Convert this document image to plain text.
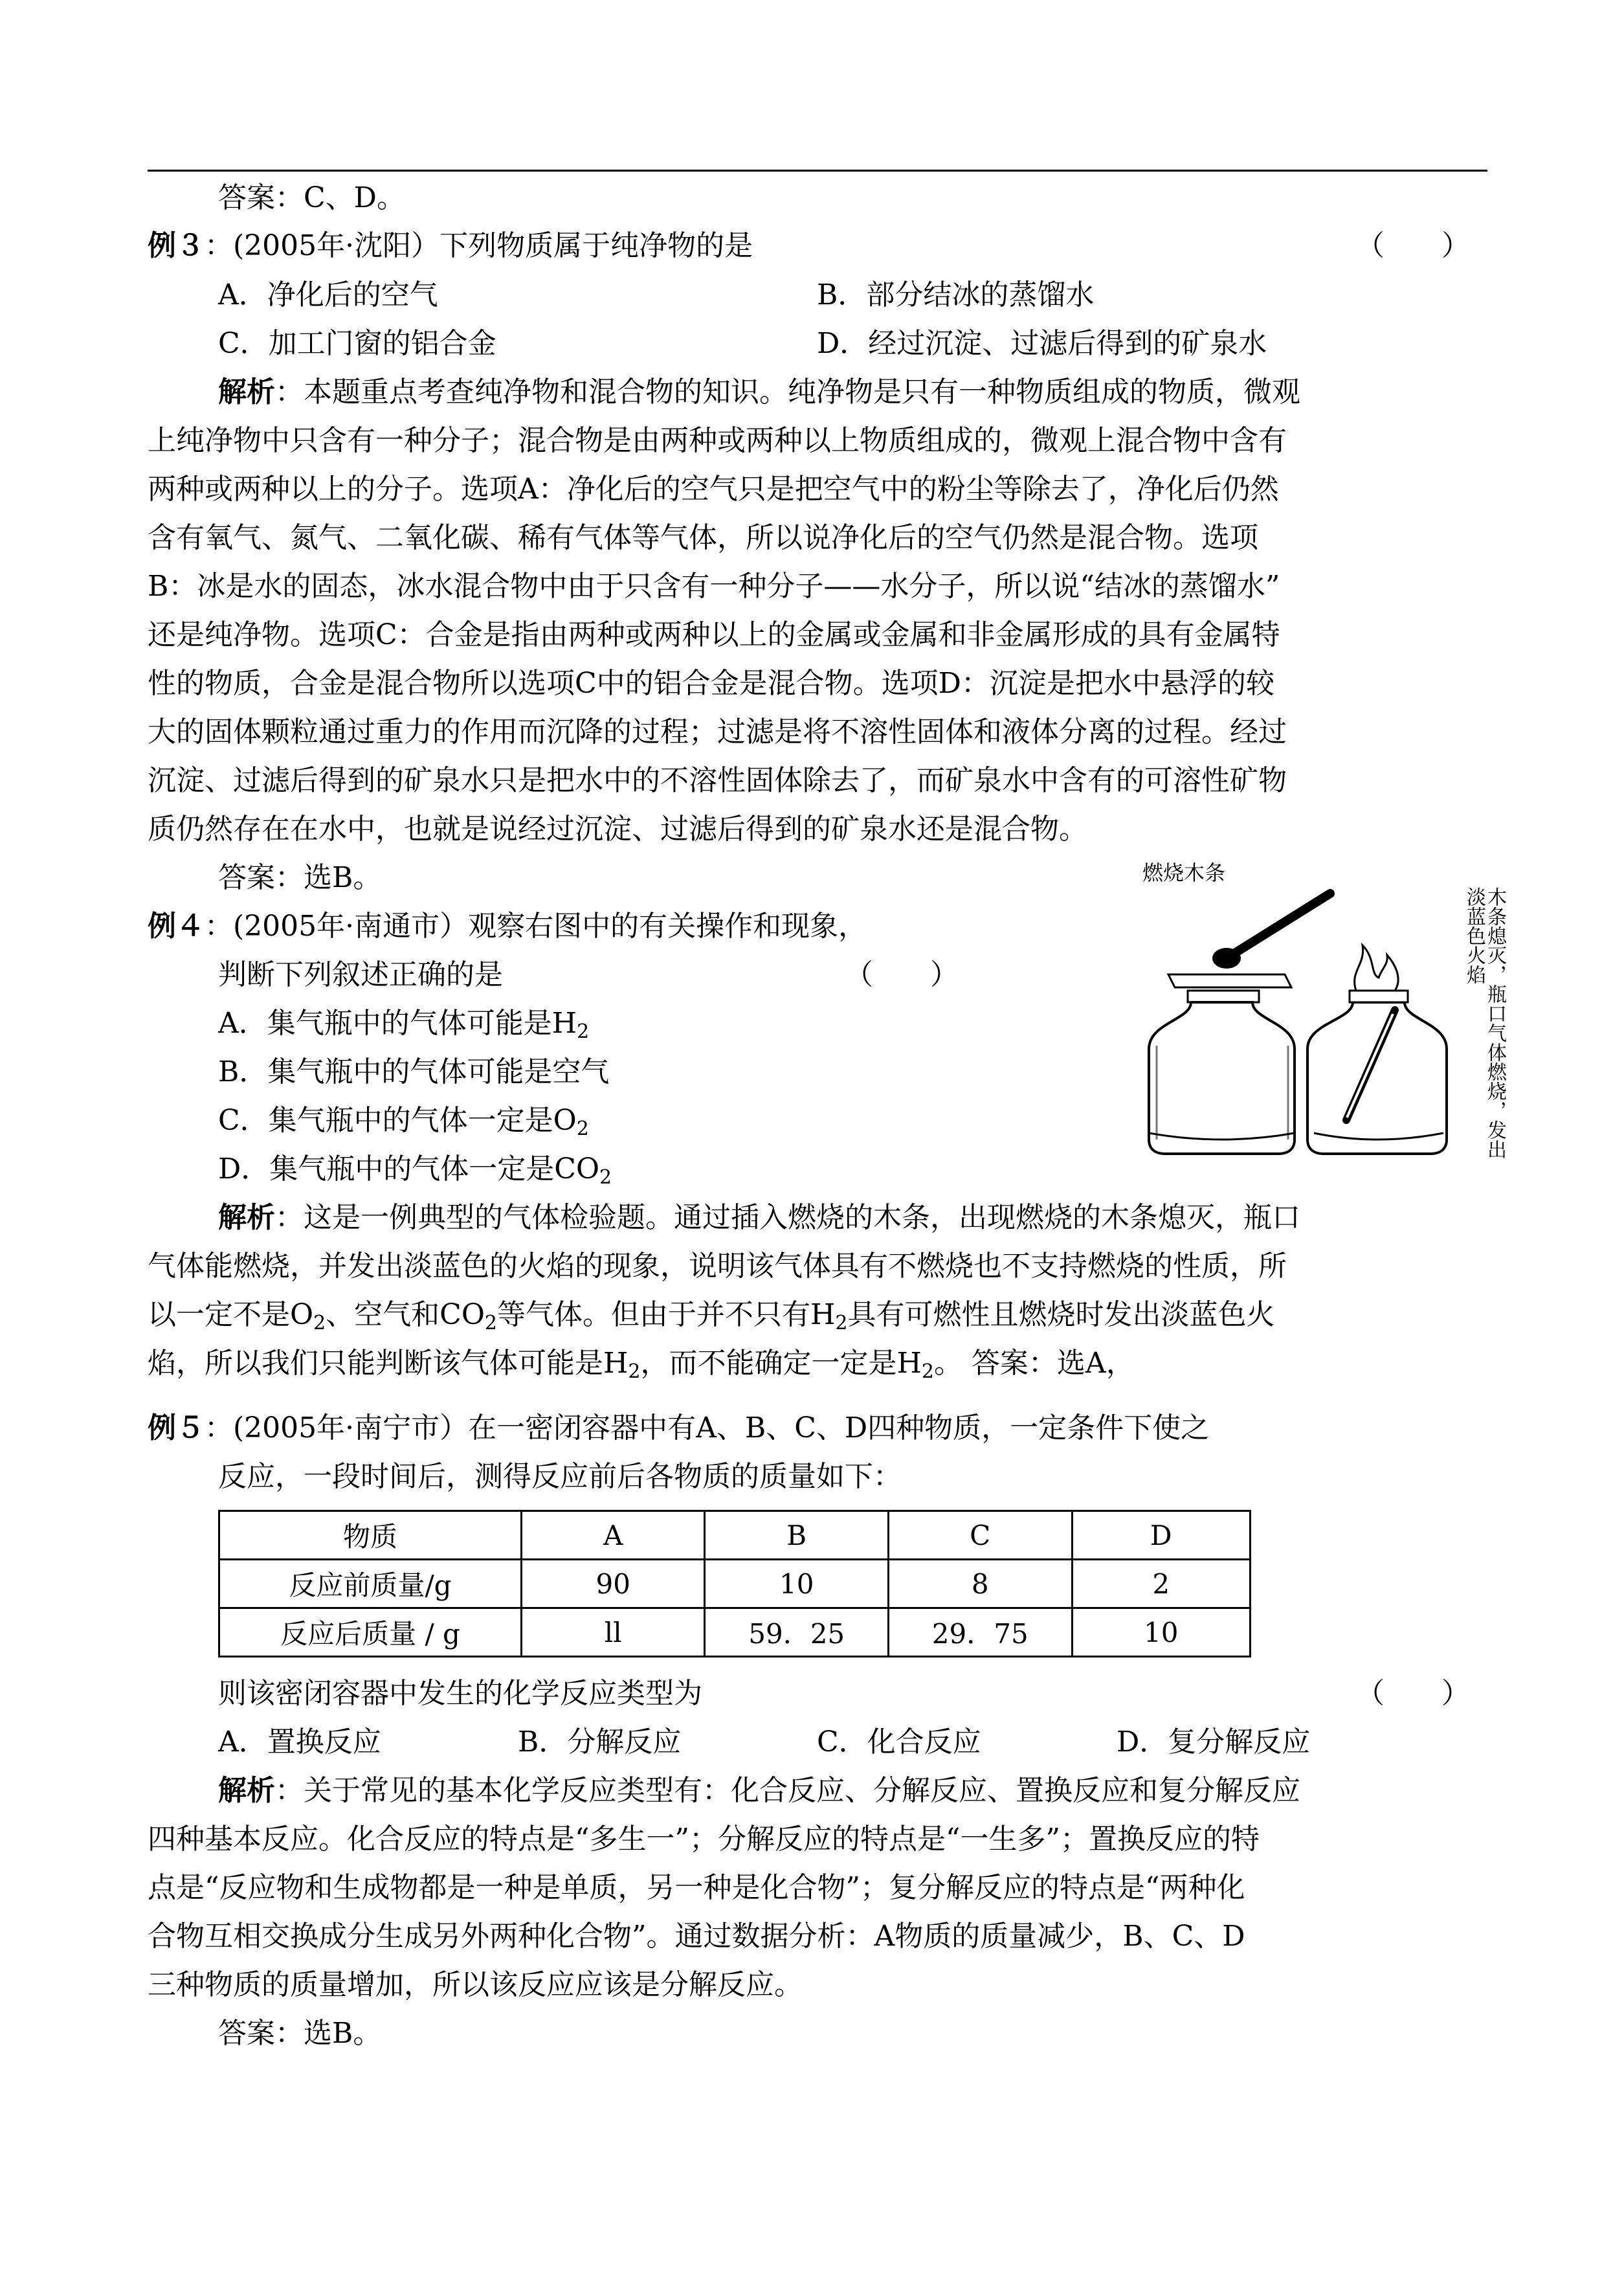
答案：C、D。
例３：(2005年·沈阳）下列物质属于纯净物的是	（　　）
A．净化后的空气	B．部分结冰的蒸馏水
C．加工门窗的铝合金	D．经过沉淀、过滤后得到的矿泉水
解析：本题重点考查纯净物和混合物的知识。纯净物是只有一种物质组成的物质，微观
上纯净物中只含有一种分子；混合物是由两种或两种以上物质组成的，微观上混合物中含有
两种或两种以上的分子。选项A：净化后的空气只是把空气中的粉尘等除去了，净化后仍然
含有氧气、氮气、二氧化碳、稀有气体等气体，所以说净化后的空气仍然是混合物。选项
B：冰是水的固态，冰水混合物中由于只含有一种分子——水分子，所以说“结冰的蒸馏水”
还是纯净物。选项C：合金是指由两种或两种以上的金属或金属和非金属形成的具有金属特
性的物质，合金是混合物所以选项C中的铝合金是混合物。选项D：沉淀是把水中悬浮的较
大的固体颗粒通过重力的作用而沉降的过程；过滤是将不溶性固体和液体分离的过程。经过
沉淀、过滤后得到的矿泉水只是把水中的不溶性固体除去了，而矿泉水中含有的可溶性矿物
质仍然存在在水中，也就是说经过沉淀、过滤后得到的矿泉水还是混合物。
答案：选B。
例４：(2005年·南通市）观察右图中的有关操作和现象，
判断下列叙述正确的是	（　　）
A．集气瓶中的气体可能是$H_2$
B．集气瓶中的气体可能是空气
C．集气瓶中的气体一定是$O_2$
D．集气瓶中的气体一定是$CO_2$
燃烧木条
木条熄灭，瓶口气体燃烧，发出淡蓝色火焰
解析：这是一例典型的气体检验题。通过插入燃烧的木条，出现燃烧的木条熄灭，瓶口
气体能燃烧，并发出淡蓝色的火焰的现象，说明该气体具有不燃烧也不支持燃烧的性质，所
以一定不是$O_2$、空气和$CO_2$等气体。但由于并不只有$H_2$具有可燃性且燃烧时发出淡蓝色火
焰，所以我们只能判断该气体可能是$H_2$，而不能确定一定是$H_2$。 答案：选A，
例５：(2005年·南宁市）在一密闭容器中有A、B、C、D四种物质，一定条件下使之
反应，一段时间后，测得反应前后各物质的质量如下：
物质	A	B	C	D
反应前质量/g	90	10	8	2
反应后质量 / g	ll	59．25	29．75	10
则该密闭容器中发生的化学反应类型为	（　　）
A．置换反应	B．分解反应	C．化合反应	D．复分解反应
解析：关于常见的基本化学反应类型有：化合反应、分解反应、置换反应和复分解反应
四种基本反应。化合反应的特点是“多生一”；分解反应的特点是“一生多”；置换反应的特
点是“反应物和生成物都是一种是单质，另一种是化合物”；复分解反应的特点是“两种化
合物互相交换成分生成另外两种化合物”。通过数据分析：A物质的质量减少，B、C、D
三种物质的质量增加，所以该反应应该是分解反应。
答案：选B。
